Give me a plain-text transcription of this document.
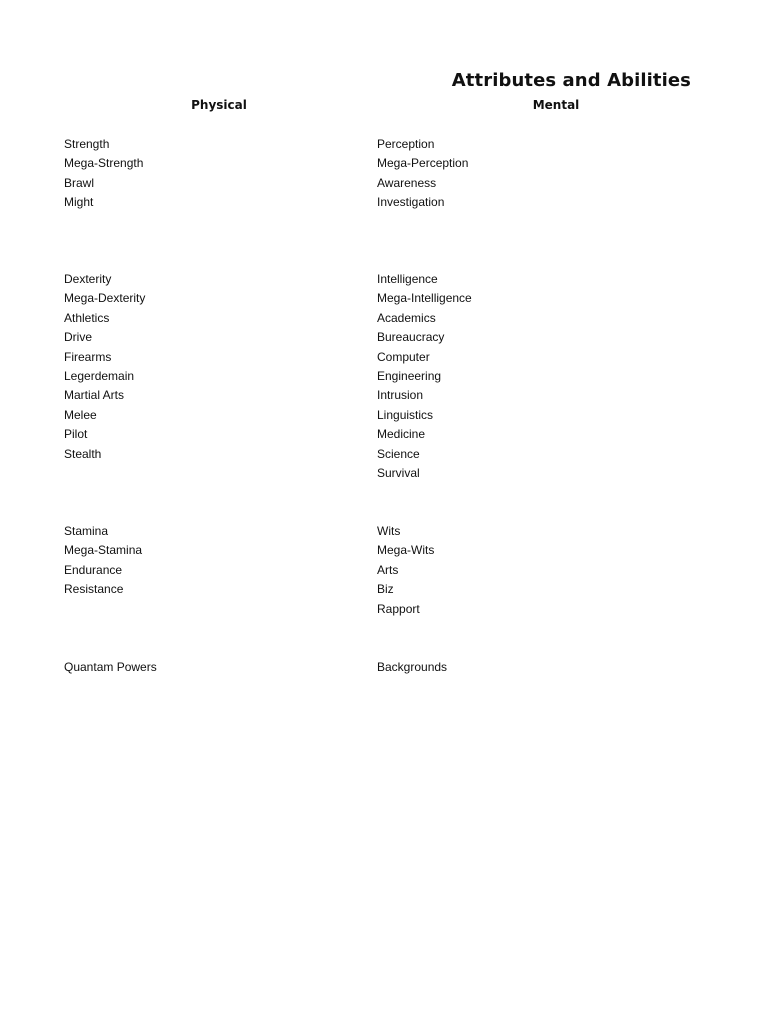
Attributes and Abilities
Physical	Mental
Strength
Mega-Strength
Brawl
Might
Dexterity
Mega-Dexterity
Athletics
Drive
Firearms
Legerdemain
Martial Arts
Melee
Pilot
Stealth
Stamina
Mega-Stamina
Endurance
Resistance
Quantam Powers
Perception
Mega-Perception
Awareness
Investigation
Intelligence
Mega-Intelligence
Academics
Bureaucracy
Computer
Engineering
Intrusion
Linguistics
Medicine
Science
Survival
Wits
Mega-Wits
Arts
Biz
Rapport
Backgrounds
